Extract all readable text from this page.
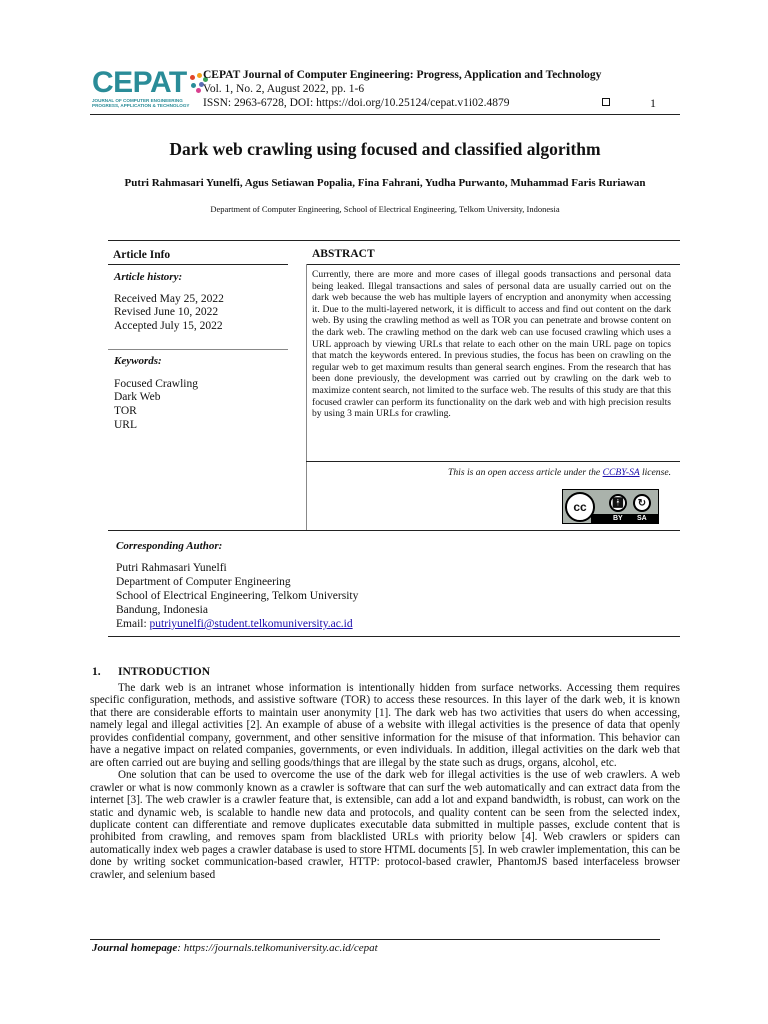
CEPAT
JOURNAL OF COMPUTER ENGINEERING
PROGRESS, APPLICATION & TECHNOLOGY
CEPAT Journal of Computer Engineering: Progress, Application and Technology
Vol. 1, No. 2, August 2022, pp. 1-6
ISSN: 2963-6728, DOI: https://doi.org/10.25124/cepat.v1i02.4879	1
Dark web crawling using focused and classified algorithm
Putri Rahmasari Yunelfi, Agus Setiawan Popalia, Fina Fahrani, Yudha Purwanto, Muhammad Faris Ruriawan
Department of Computer Engineering, School of Electrical Engineering, Telkom University, Indonesia
Article Info	ABSTRACT
Article history:
Received May 25, 2022
Revised June 10, 2022
Accepted July 15, 2022
Keywords:
Focused Crawling
Dark Web
TOR
URL
Currently, there are more and more cases of illegal goods transactions and personal data being leaked. Illegal transactions and sales of personal data are usually carried out on the dark web because the web has multiple layers of encryption and anonymity when accessing it. Due to the multi-layered network, it is difficult to access and find out content on the dark web. By using the crawling method as well as TOR you can penetrate and browse content on the dark web. The crawling method on the dark web can use focused crawling which uses a URL approach by viewing URLs that relate to each other on the main URL page on topics that match the keywords entered. In previous studies, the focus has been on crawling on the regular web to get maximum results than general search engines. From the research that has been done previously, the development was carried out by crawling on the dark web to maximize content search, not limited to the surface web. The results of this study are that this focused crawler can perform its functionality on the dark web and with high precision results by using 3 main URLs for crawling.
This is an open access article under the CCBY-SA license.
cc	🚹︎	↻
BY SA
Corresponding Author:
Putri Rahmasari Yunelfi
Department of Computer Engineering
School of Electrical Engineering, Telkom University
Bandung, Indonesia
Email: putriyunelfi@student.telkomuniversity.ac.id
1. INTRODUCTION

The dark web is an intranet whose information is intentionally hidden from surface networks. Accessing them requires specific configuration, methods, and assistive software (TOR) to access these resources. In this layer of the dark web, it is known that there are considerable efforts to maintain user anonymity [1]. The dark web has two activities that users do when accessing, namely legal and illegal activities [2]. An example of abuse of a website with illegal activities is the presence of data that openly provides confidential company, government, and other sensitive information for the misuse of that information. This behavior can have a negative impact on related companies, governments, or even individuals. In addition, illegal activities on the dark web that are often carried out are buying and selling goods/things that are illegal by the state such as drugs, organs, alcohol, etc.

One solution that can be used to overcome the use of the dark web for illegal activities is the use of web crawlers. A web crawler or what is now commonly known as a crawler is software that can surf the web automatically and can extract data from the internet [3]. The web crawler is a crawler feature that, is extensible, can add a lot and expand bandwidth, is robust, can work on the static and dynamic web, is scalable to handle new data and protocols, and quality content can be seen from the selected index, duplicate content can differentiate and remove duplicates executable data submitted in multiple passes, exclude content that is prohibited from crawling, and removes spam from blacklisted URLs with priority below [4]. Web crawlers or spiders can automatically index web pages a crawler database is used to store HTML documents [5]. In web crawler implementation, this can be done by writing socket communication-based crawler, HTTP: protocol-based crawler, PhantomJS based interfaceless browser crawler, and selenium based

Journal homepage: https://journals.telkomuniversity.ac.id/cepat
